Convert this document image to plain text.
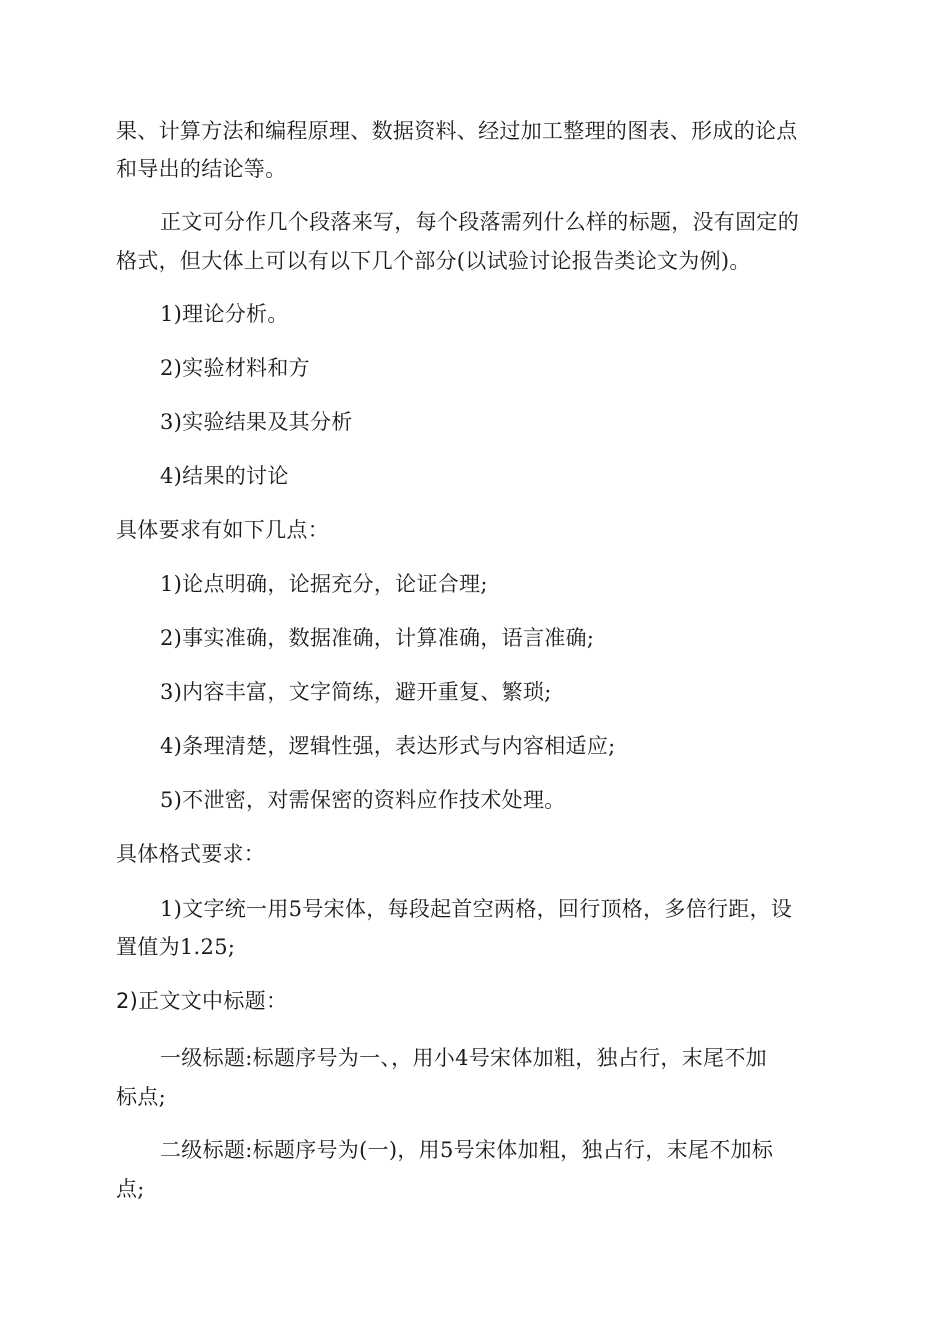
果、计算方法和编程原理、数据资料、经过加工整理的图表、形成的论点
和导出的结论等。
正文可分作几个段落来写，每个段落需列什么样的标题，没有固定的
格式，但大体上可以有以下几个部分(以试验讨论报告类论文为例)。
1)理论分析。
2)实验材料和方
3)实验结果及其分析
4)结果的讨论
具体要求有如下几点：
1)论点明确，论据充分，论证合理;
2)事实准确，数据准确，计算准确，语言准确;
3)内容丰富，文字简练，避开重复、繁琐;
4)条理清楚，逻辑性强，表达形式与内容相适应;
5)不泄密，对需保密的资料应作技术处理。
具体格式要求：
1)文字统一用5号宋体，每段起首空两格，回行顶格，多倍行距，设
置值为1.25;
2)正文文中标题：
一级标题:标题序号为一、，用小4号宋体加粗，独占行，末尾不加
标点;
二级标题:标题序号为(一)，用5号宋体加粗，独占行，末尾不加标
点;
